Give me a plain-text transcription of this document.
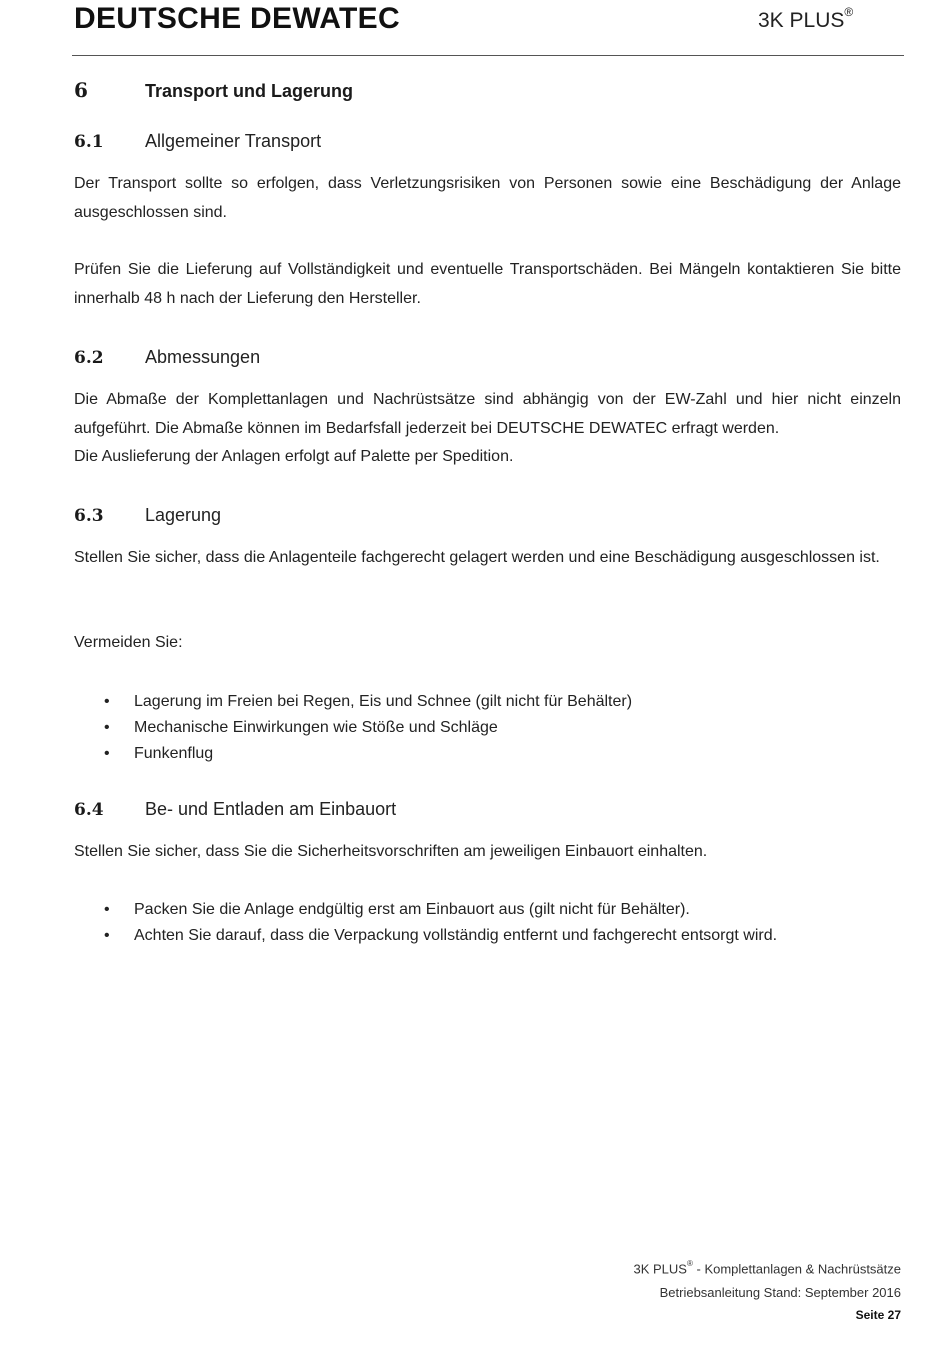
DEUTSCHE DEWATEC	3K PLUS®
6	Transport und Lagerung
6.1 Allgemeiner Transport
Der Transport sollte so erfolgen, dass Verletzungsrisiken von Personen sowie eine Beschädigung der Anlage ausgeschlossen sind.
Prüfen Sie die Lieferung auf Vollständigkeit und eventuelle Transportschäden. Bei Mängeln kontaktieren Sie bitte innerhalb 48 h nach der Lieferung den Hersteller.
6.2 Abmessungen
Die Abmaße der Komplettanlagen und Nachrüstsätze sind abhängig von der EW-Zahl und hier nicht einzeln aufgeführt. Die Abmaße können im Bedarfsfall jederzeit bei DEUTSCHE DEWATEC erfragt werden.
Die Auslieferung der Anlagen erfolgt auf Palette per Spedition.
6.3 Lagerung
Stellen Sie sicher, dass die Anlagenteile fachgerecht gelagert werden und eine Beschädigung ausgeschlossen ist.
Vermeiden Sie:
• Lagerung im Freien bei Regen, Eis und Schnee (gilt nicht für Behälter)
• Mechanische Einwirkungen wie Stöße und Schläge
• Funkenflug
6.4 Be- und Entladen am Einbauort
Stellen Sie sicher, dass Sie die Sicherheitsvorschriften am jeweiligen Einbauort einhalten.
• Packen Sie die Anlage endgültig erst am Einbauort aus (gilt nicht für Behälter).
• Achten Sie darauf, dass die Verpackung vollständig entfernt und fachgerecht entsorgt wird.
3K PLUS® - Komplettanlagen & Nachrüstsätze
Betriebsanleitung Stand: September 2016
Seite 27
